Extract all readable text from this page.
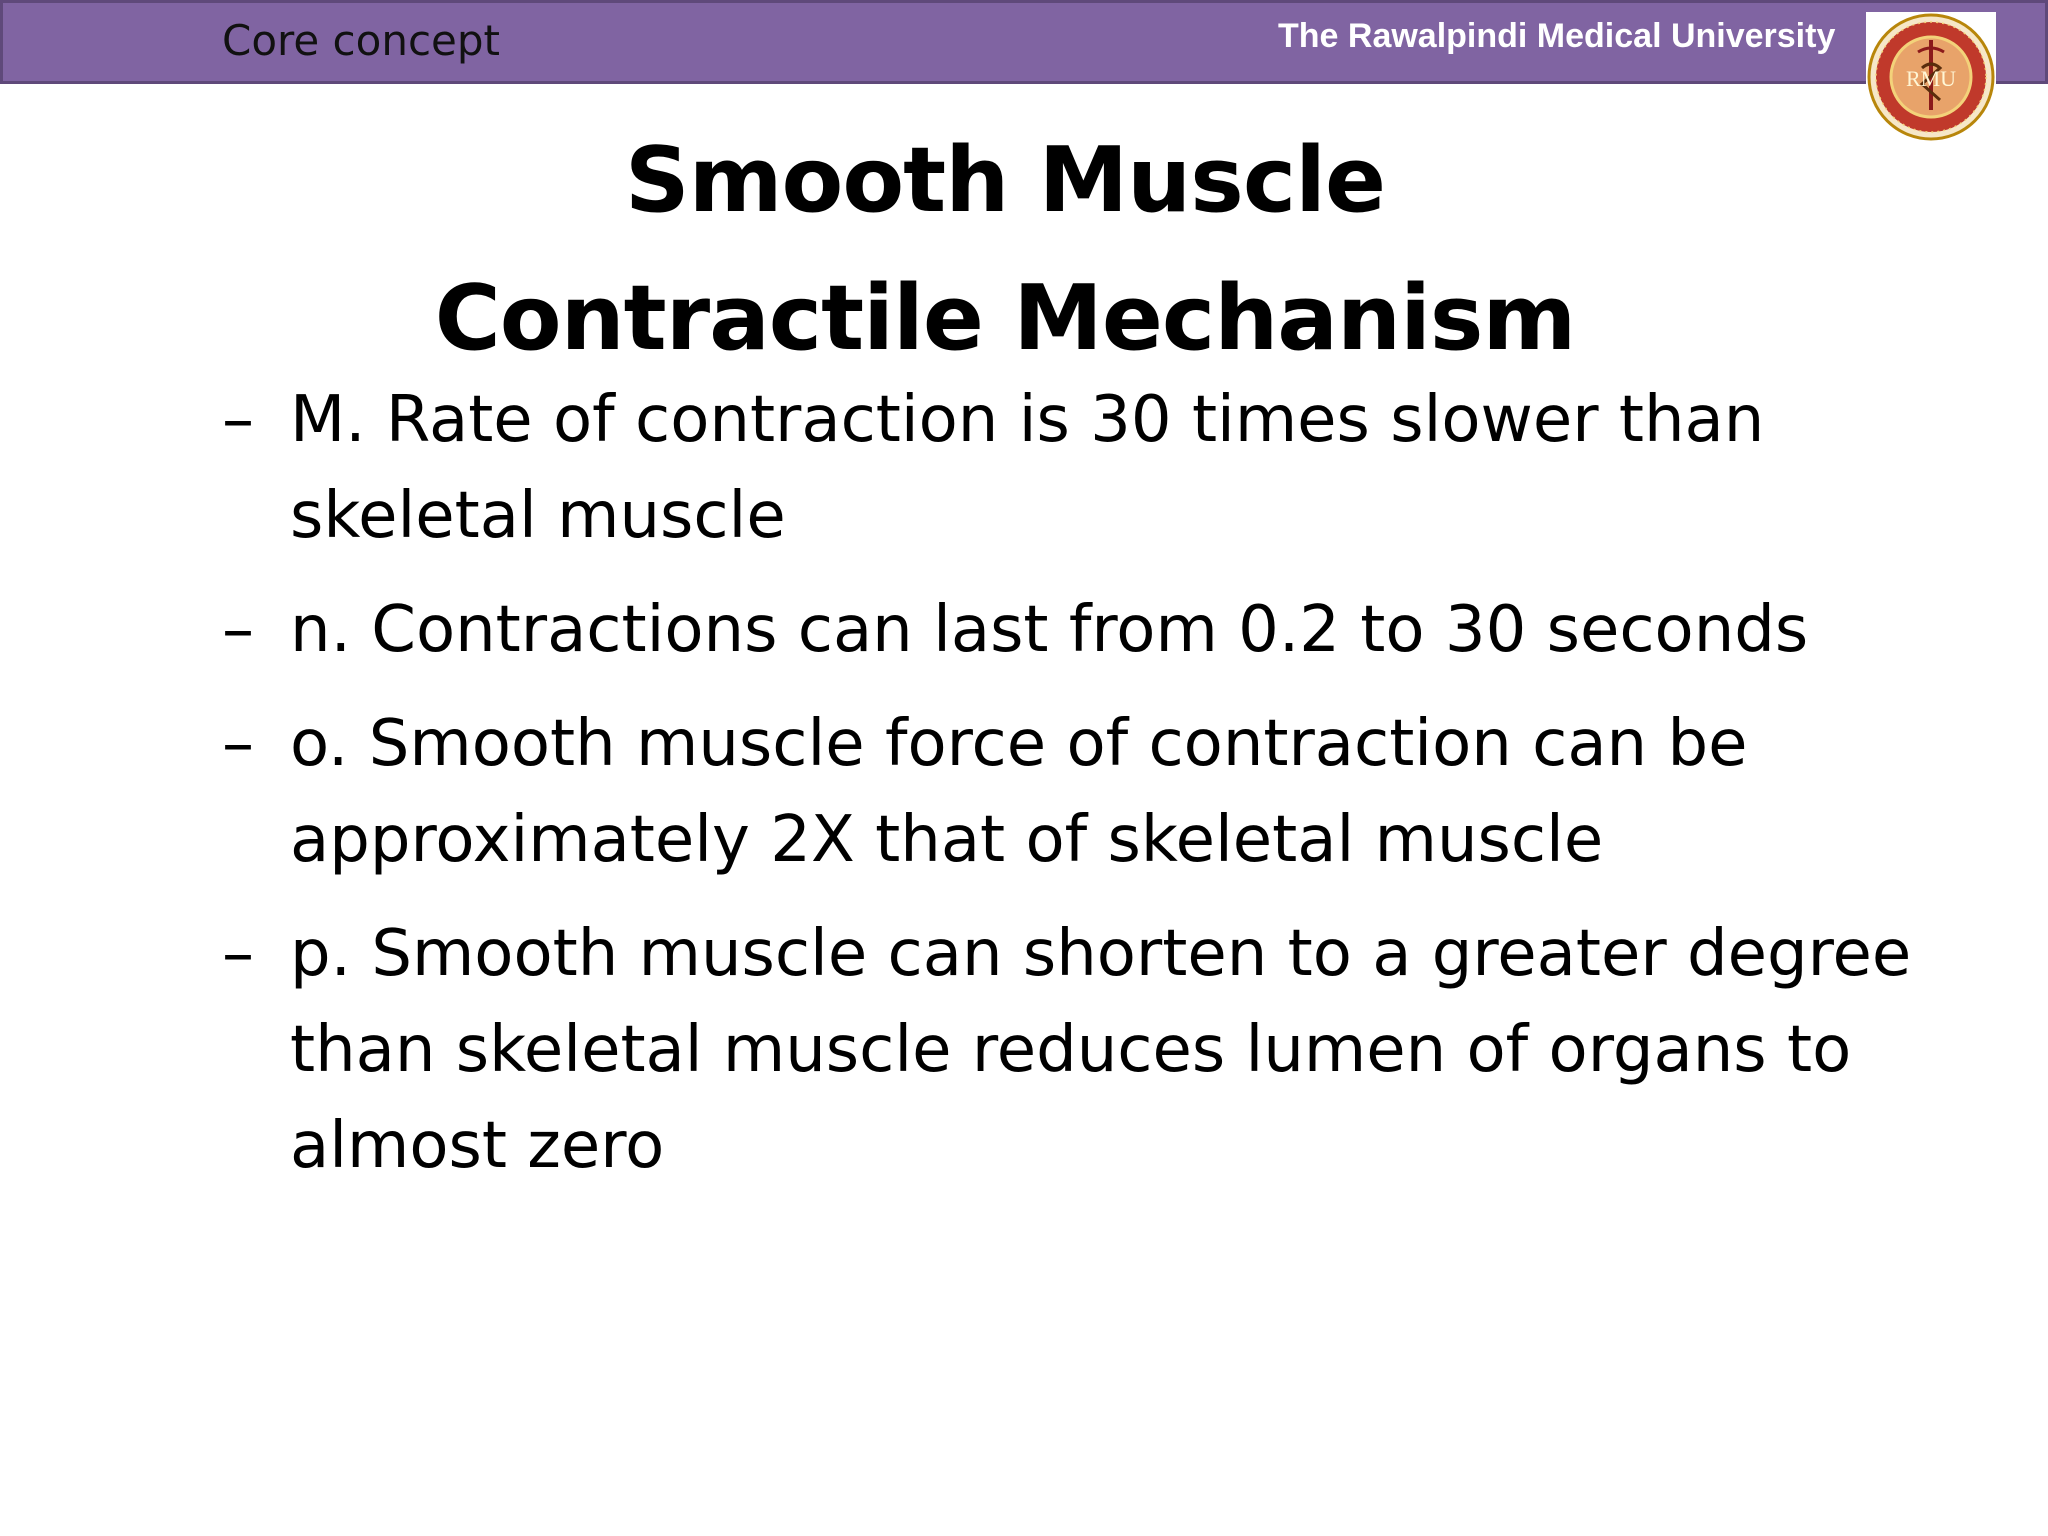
Core concept	The Rawalpindi Medical University
RMU
Smooth Muscle
Contractile Mechanism
– M. Rate of contraction is 30 times slower than skeletal muscle
– n. Contractions can last from 0.2 to 30 seconds
– o. Smooth muscle force of contraction can be approximately 2X that of skeletal muscle
– p. Smooth muscle can shorten to a greater degree than skeletal muscle reduces lumen of organs to almost zero
